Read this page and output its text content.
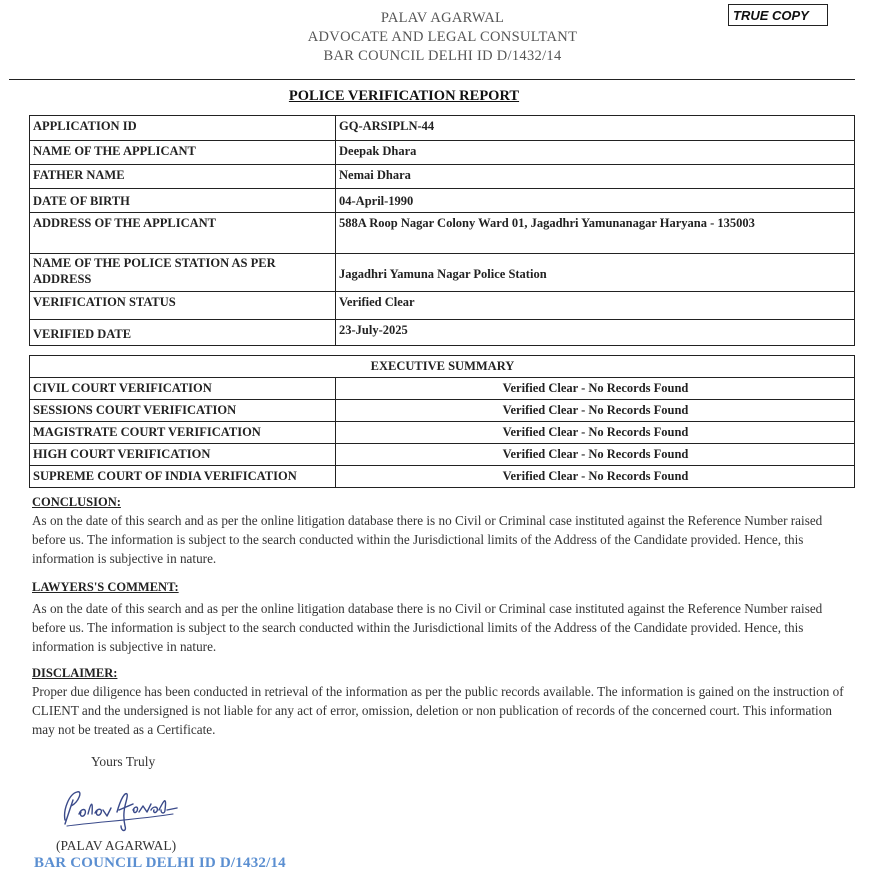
PALAV AGARWAL
ADVOCATE AND LEGAL CONSULTANT
BAR COUNCIL DELHI ID D/1432/14
TRUE COPY
POLICE VERIFICATION REPORT
APPLICATION ID	GQ-ARSIPLN-44
NAME OF THE APPLICANT	Deepak Dhara
FATHER NAME	Nemai Dhara
DATE OF BIRTH	04-April-1990
ADDRESS OF THE APPLICANT	588A Roop Nagar Colony Ward 01, Jagadhri Yamunanagar Haryana - 135003
NAME OF THE POLICE STATION AS PER ADDRESS	Jagadhri Yamuna Nagar Police Station
VERIFICATION STATUS	Verified Clear
VERIFIED DATE	23-July-2025
EXECUTIVE SUMMARY	
CIVIL COURT VERIFICATION	Verified Clear - No Records Found
SESSIONS COURT VERIFICATION	Verified Clear - No Records Found
MAGISTRATE COURT VERIFICATION	Verified Clear - No Records Found
HIGH COURT VERIFICATION	Verified Clear - No Records Found
SUPREME COURT OF INDIA VERIFICATION	Verified Clear - No Records Found
CONCLUSION:
As on the date of this search and as per the online litigation database there is no Civil or Criminal case instituted against the Reference Number raised before us. The information is subject to the search conducted within the Jurisdictional limits of the Address of the Candidate provided. Hence, this information is subjective in nature.
LAWYERS'S COMMENT:
As on the date of this search and as per the online litigation database there is no Civil or Criminal case instituted against the Reference Number raised before us. The information is subject to the search conducted within the Jurisdictional limits of the Address of the Candidate provided. Hence, this information is subjective in nature.
DISCLAIMER:
Proper due diligence has been conducted in retrieval of the information as per the public records available. The information is gained on the instruction of CLIENT and the undersigned is not liable for any act of error, omission, deletion or non publication of records of the concerned court. This information may not be treated as a Certificate.
Yours Truly
(PALAV AGARWAL)
BAR COUNCIL DELHI ID D/1432/14
